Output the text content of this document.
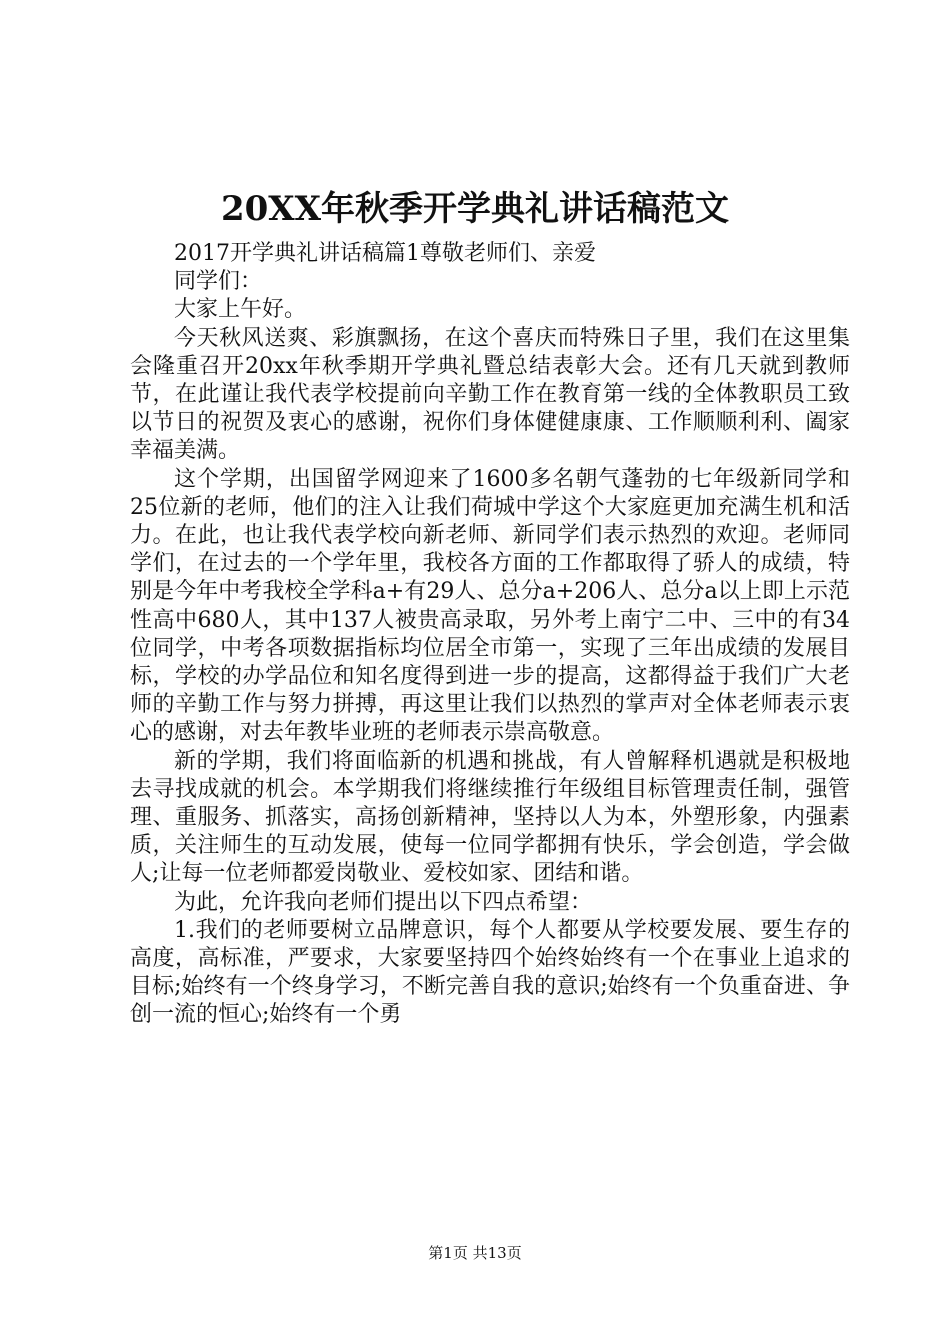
20XX年秋季开学典礼讲话稿范文

2017开学典礼讲话稿篇1尊敬老师们、亲爱

同学们：

大家上午好。

今天秋风送爽、彩旗飘扬，在这个喜庆而特殊日子里，我们在这里集会隆重召开20xx年秋季期开学典礼暨总结表彰大会。还有几天就到教师节，在此谨让我代表学校提前向辛勤工作在教育第一线的全体教职员工致以节日的祝贺及衷心的感谢，祝你们身体健健康康、工作顺顺利利、阖家幸福美满。

这个学期，出国留学网迎来了1600多名朝气蓬勃的七年级新同学和25位新的老师，他们的注入让我们荷城中学这个大家庭更加充满生机和活力。在此，也让我代表学校向新老师、新同学们表示热烈的欢迎。老师同学们，在过去的一个学年里，我校各方面的工作都取得了骄人的成绩，特别是今年中考我校全学科a+有29人、总分a+206人、总分a以上即上示范性高中680人，其中137人被贵高录取，另外考上南宁二中、三中的有34位同学，中考各项数据指标均位居全市第一，实现了三年出成绩的发展目标，学校的办学品位和知名度得到进一步的提高，这都得益于我们广大老师的辛勤工作与努力拼搏，再这里让我们以热烈的掌声对全体老师表示衷心的感谢，对去年教毕业班的老师表示崇高敬意。

新的学期，我们将面临新的机遇和挑战，有人曾解释机遇就是积极地去寻找成就的机会。本学期我们将继续推行年级组目标管理责任制，强管理、重服务、抓落实，高扬创新精神，坚持以人为本，外塑形象，内强素质，关注师生的互动发展，使每一位同学都拥有快乐，学会创造，学会做人;让每一位老师都爱岗敬业、爱校如家、团结和谐。

为此，允许我向老师们提出以下四点希望：

1.我们的老师要树立品牌意识，每个人都要从学校要发展、要生存的高度，高标准，严要求，大家要坚持四个始终始终有一个在事业上追求的目标;始终有一个终身学习，不断完善自我的意识;始终有一个负重奋进、争创一流的恒心;始终有一个勇

第1页 共13页
